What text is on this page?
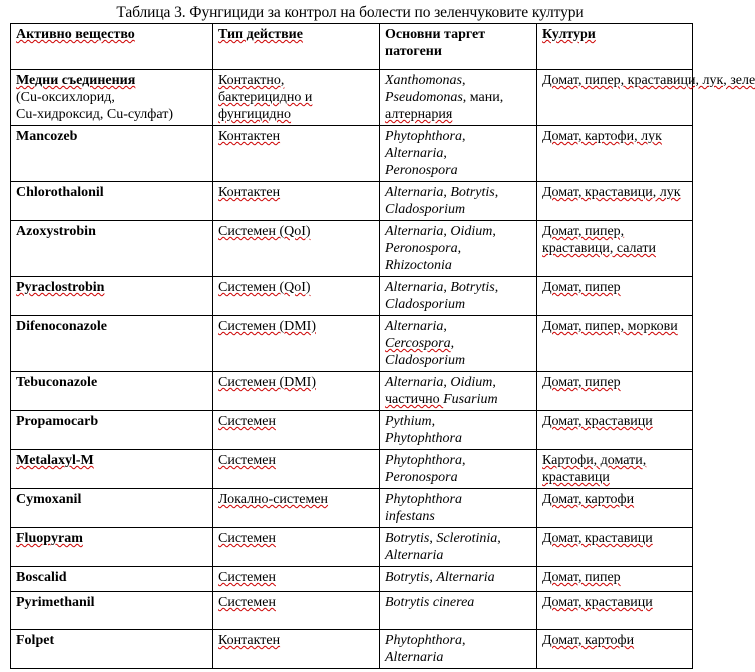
Таблица 3. Фунгициди за контрол на болести по зеленчуковите култури
Активно вещество	Тип действие	Основни таргет
патогени	Култури
Медни съединения
(Cu-оксихлорид,
Cu-хидроксид, Cu-сулфат)	Контактно,
бактерицидно и
фунгицидно	Xanthomonas,
Pseudomonas, мани,
алтернария	Домат, пипер, краставици, лук, зеле

Mancozeb	Контактен	Phytophthora,
Alternaria,
Peronospora	Домат, картофи, лук
Chlorothalonil	Контактен	Alternaria, Botrytis,
Cladosporium	Домат, краставици, лук
Azoxystrobin	Системен (QoI)	Alternaria, Oidium,
Peronospora,
Rhizoctonia	Домат, пипер, краставици, салати
Pyraclostrobin	Системен (QoI)	Alternaria, Botrytis,
Cladosporium	Домат, пипер
Difenoconazole	Системен (DMI)	Alternaria,
Cercospora,
Cladosporium	Домат, пипер, моркови
Tebuconazole	Системен (DMI)	Alternaria, Oidium,
частично Fusarium	Домат, пипер
Propamocarb	Системен	Pythium,
Phytophthora	Домат, краставици
Metalaxyl-M	Системен	Phytophthora,
Peronospora	Картофи, домати, краставици
Cymoxanil	Локално-системен	Phytophthora
infestans	Домат, картофи
Fluopyram	Системен	Botrytis, Sclerotinia,
Alternaria	Домат, краставици
Boscalid	Системен	Botrytis, Alternaria	Домат, пипер
Pyrimethanil	Системен	Botrytis cinerea	Домат, краставици
Folpet	Контактен	Phytophthora,
Alternaria	Домат, картофи
